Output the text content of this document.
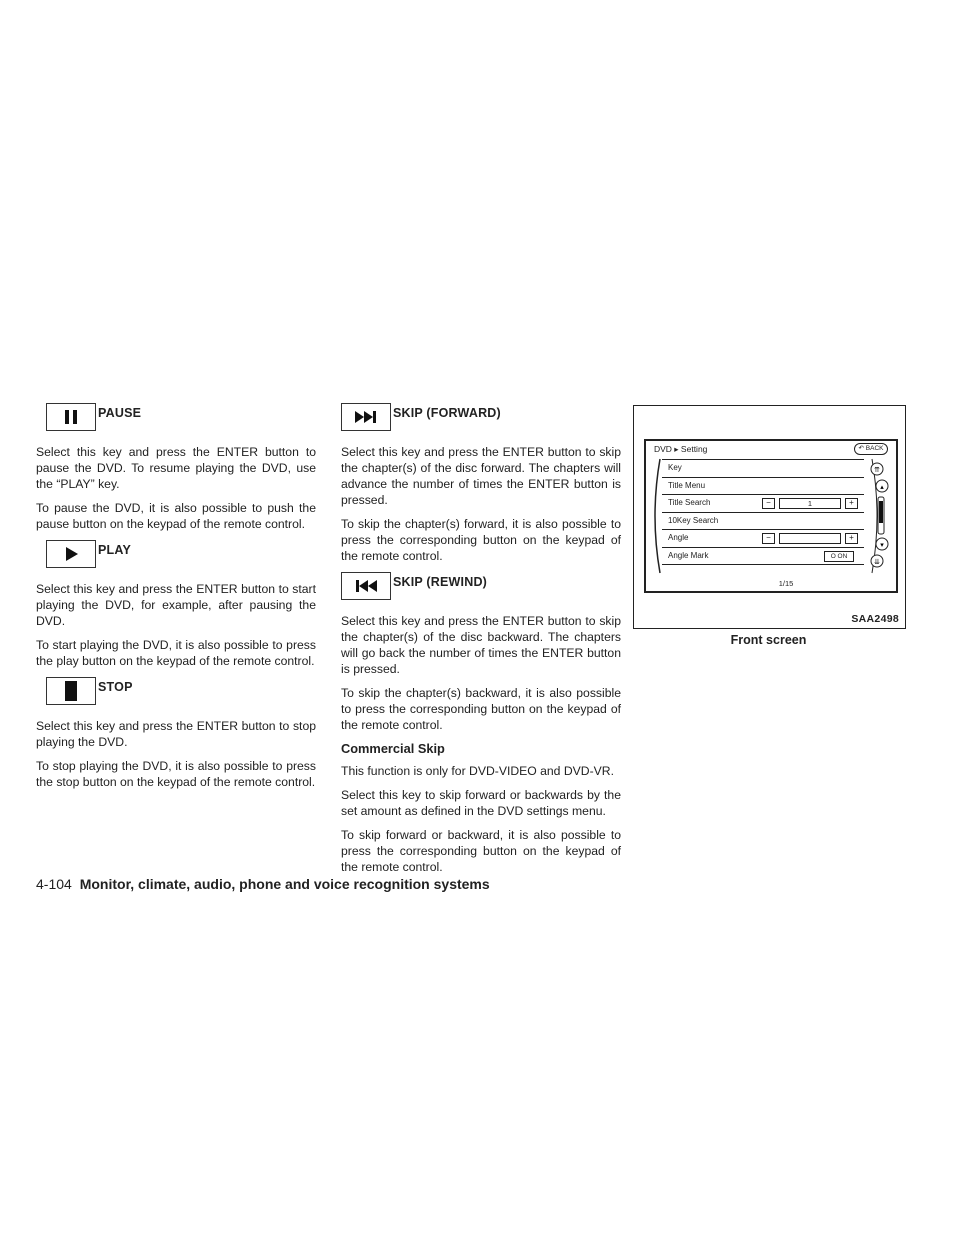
PAUSE

Select this key and press the ENTER button to pause the DVD. To resume playing the DVD, use the “PLAY” key.

To pause the DVD, it is also possible to push the pause button on the keypad of the remote control.

PLAY

Select this key and press the ENTER button to start playing the DVD, for example, after pausing the DVD.

To start playing the DVD, it is also possible to press the play button on the keypad of the remote control.

STOP

Select this key and press the ENTER button to stop playing the DVD.

To stop playing the DVD, it is also possible to press the stop button on the keypad of the remote control.

SKIP (FORWARD)

Select this key and press the ENTER button to skip the chapter(s) of the disc forward. The chapters will advance the number of times the ENTER button is pressed.

To skip the chapter(s) forward, it is also possible to press the corresponding button on the keypad of the remote control.

SKIP (REWIND)

Select this key and press the ENTER button to skip the chapter(s) of the disc backward. The chapters will go back the number of times the ENTER button is pressed.

To skip the chapter(s) backward, it is also possible to press the corresponding button on the keypad of the remote control.

Commercial Skip

This function is only for DVD-VIDEO and DVD-VR.

Select this key to skip forward or backwards by the set amount as defined in the DVD settings menu.

To skip forward or backward, it is also possible to press the corresponding button on the keypad of the remote control.

DVD ▸ Setting	↶ BACK
⇈
▴
▾
⇊
Key
Title Menu
Title Search	−	1	+
10Key Search
Angle	−	+
Angle Mark	O ON
1/15
SAA2498
Front screen
4-104 Monitor, climate, audio, phone and voice recognition systems
